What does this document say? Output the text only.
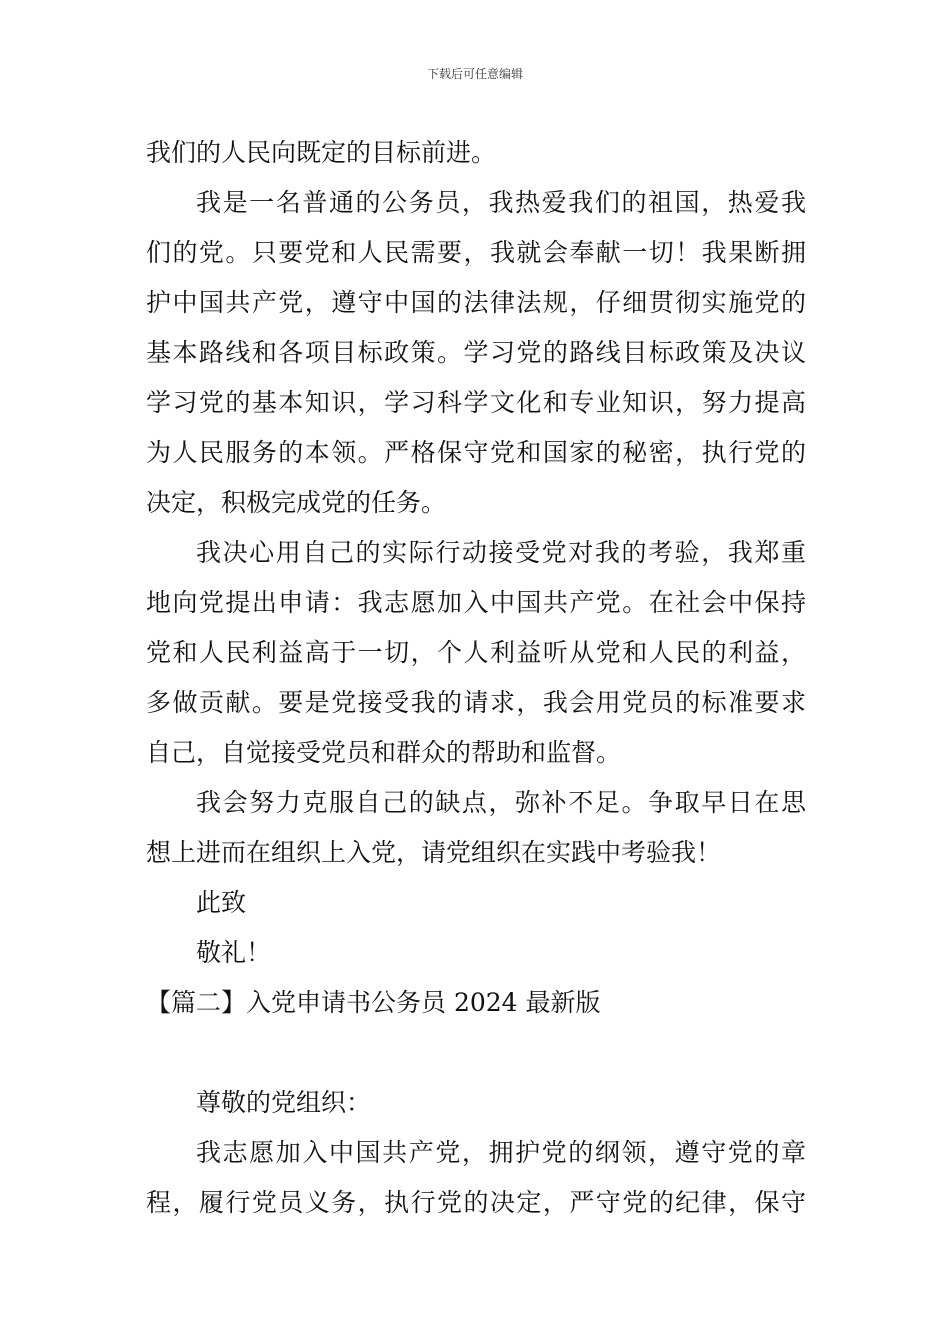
下载后可任意编辑
我们的人民向既定的目标前进。
我是一名普通的公务员，我热爱我们的祖国，热爱我
们的党。只要党和人民需要，我就会奉献一切！我果断拥
护中国共产党，遵守中国的法律法规，仔细贯彻实施党的
基本路线和各项目标政策。学习党的路线目标政策及决议
学习党的基本知识，学习科学文化和专业知识，努力提高
为人民服务的本领。严格保守党和国家的秘密，执行党的
决定，积极完成党的任务。
我决心用自己的实际行动接受党对我的考验，我郑重
地向党提出申请：我志愿加入中国共产党。在社会中保持
党和人民利益高于一切，个人利益听从党和人民的利益，
多做贡献。要是党接受我的请求，我会用党员的标准要求
自己，自觉接受党员和群众的帮助和监督。
我会努力克服自己的缺点，弥补不足。争取早日在思
想上进而在组织上入党，请党组织在实践中考验我！
此致
敬礼！
【篇二】入党申请书公务员 2024 最新版
尊敬的党组织：
我志愿加入中国共产党，拥护党的纲领，遵守党的章
程，履行党员义务，执行党的决定，严守党的纪律，保守
